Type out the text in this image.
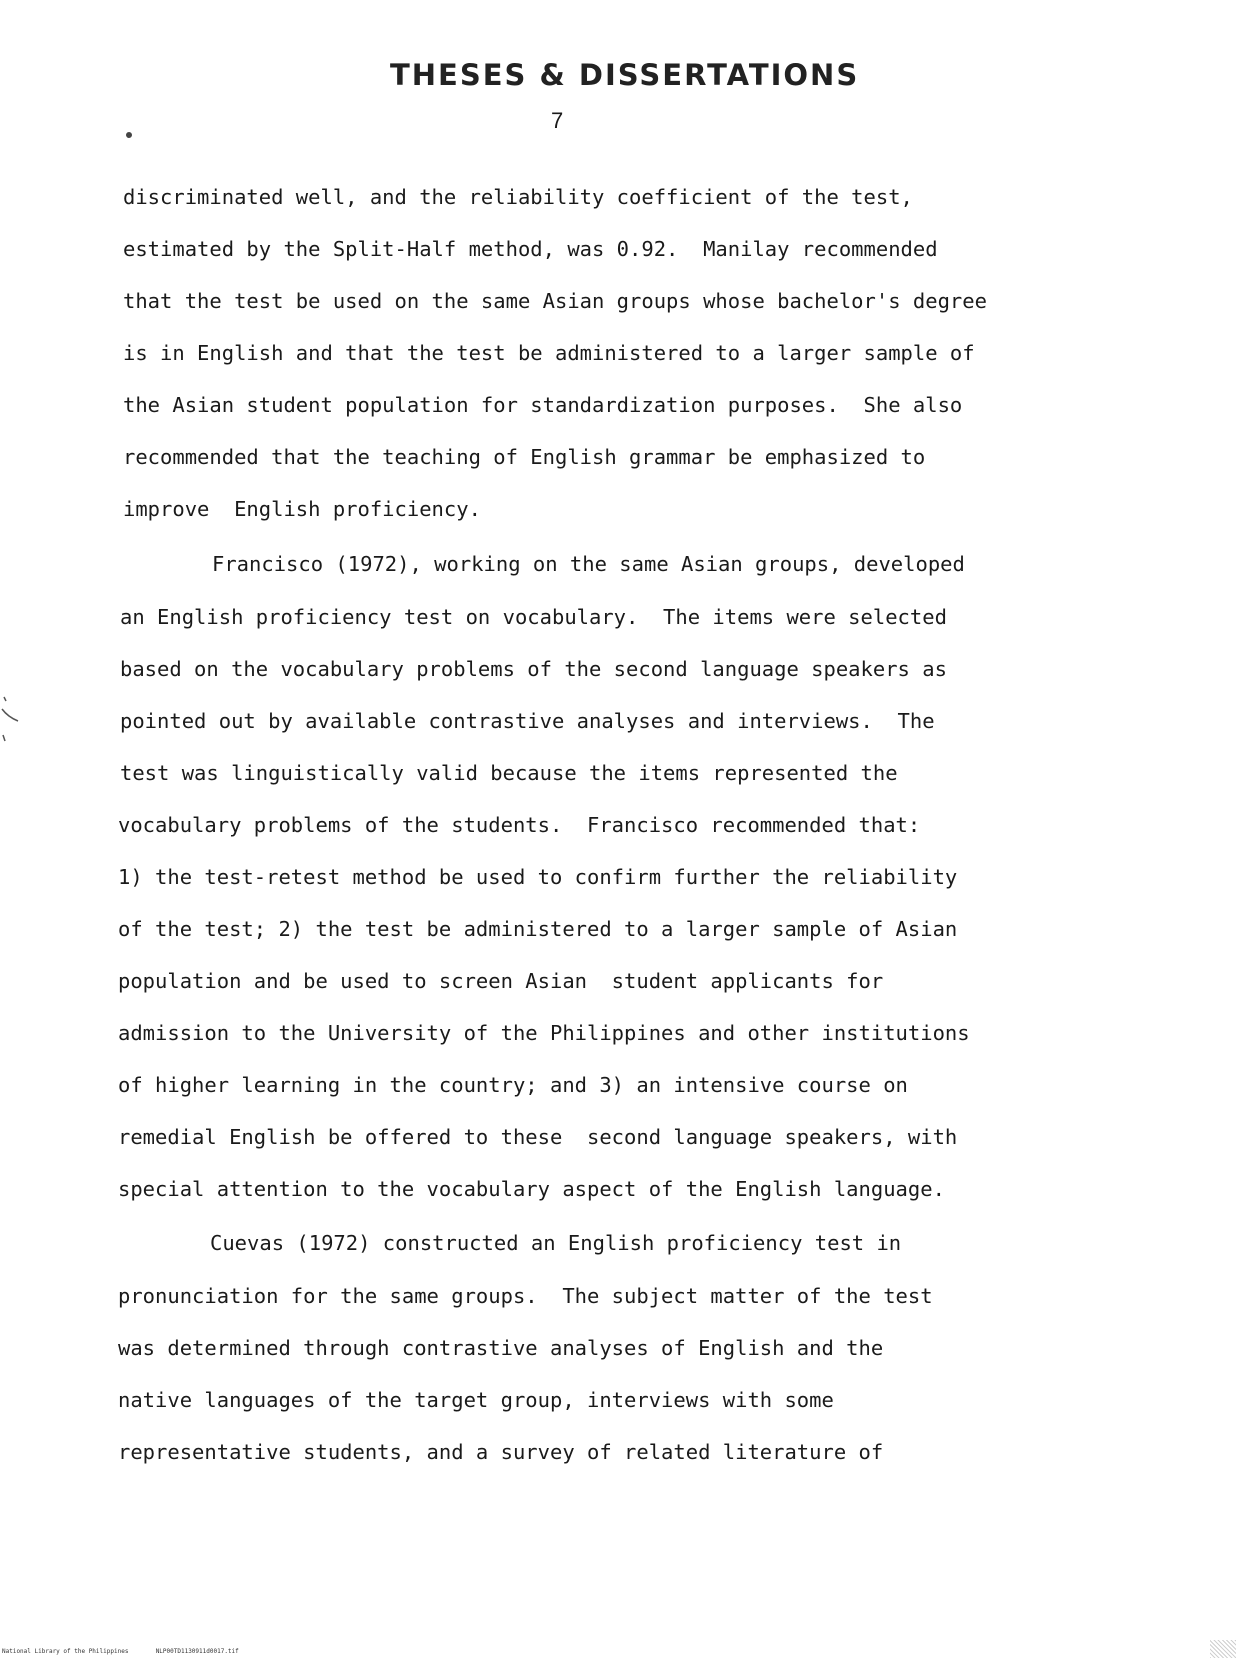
THESES & DISSERTATIONS
7
discriminated well, and the reliability coefficient of the test,
estimated by the Split-Half method, was 0.92.  Manilay recommended
that the test be used on the same Asian groups whose bachelor's degree
is in English and that the test be administered to a larger sample of
the Asian student population for standardization purposes.  She also
recommended that the teaching of English grammar be emphasized to
improve  English proficiency.
Francisco (1972), working on the same Asian groups, developed
an English proficiency test on vocabulary.  The items were selected
based on the vocabulary problems of the second language speakers as
pointed out by available contrastive analyses and interviews.  The
test was linguistically valid because the items represented the
vocabulary problems of the students.  Francisco recommended that:
1) the test-retest method be used to confirm further the reliability
of the test; 2) the test be administered to a larger sample of Asian
population and be used to screen Asian  student applicants for
admission to the University of the Philippines and other institutions
of higher learning in the country; and 3) an intensive course on
remedial English be offered to these  second language speakers, with
special attention to the vocabulary aspect of the English language.
Cuevas (1972) constructed an English proficiency test in
pronunciation for the same groups.  The subject matter of the test
was determined through contrastive analyses of English and the
native languages of the target group, interviews with some
representative students, and a survey of related literature of
National Library of the Philippines	NLP00TD1130911d0017.tif
